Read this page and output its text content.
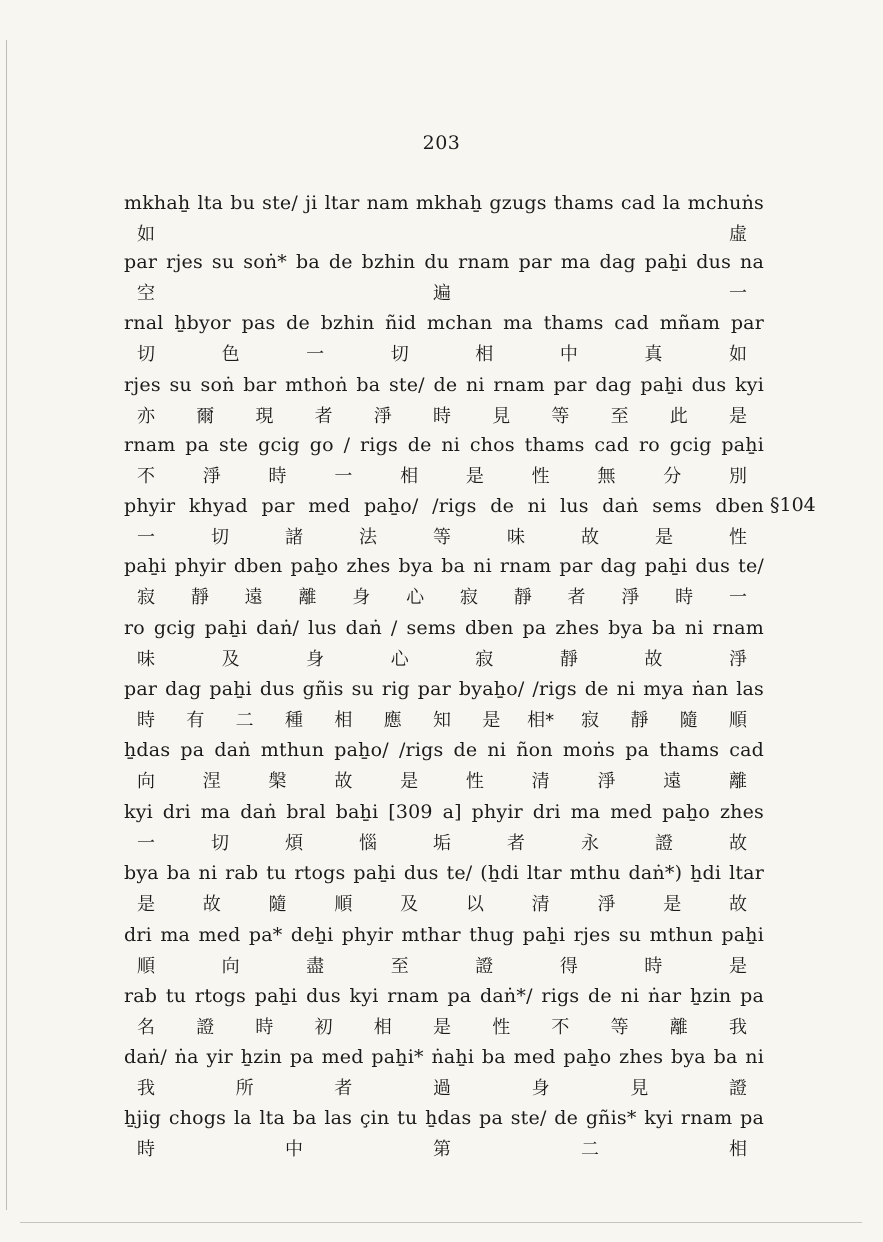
203
mkhaẖ lta bu ste/ ji ltar nam mkhaẖ gzugs thams cad la mchuṅs
如	虛
par rjes su soṅ* ba de bzhin du rnam par ma dag paẖi dus na
空	遍	一
rnal ẖbyor pas de bzhin ñid mchan ma thams cad mñam par
切	色	一	切	相	中	真	如
rjes su soṅ bar mthoṅ ba ste/ de ni rnam par dag paẖi dus kyi
亦 爾 現 者 淨 時 見 等 至 此 是
rnam pa ste gcig go / rigs de ni chos thams cad ro gcig paẖi
不	淨	時	一	相	是	性	無	分	別
phyir khyad par med paẖo/ /rigs de ni lus daṅ sems dben
一	切	諸	法	等	味	故	是	性
paẖi phyir dben paẖo zhes bya ba ni rnam par dag paẖi dus te/
寂 靜 遠 離 身 心 寂 靜 者 淨 時 一
ro gcig paẖi daṅ/ lus daṅ / sems dben pa zhes bya ba ni rnam
味	及	身	心	寂	靜	故	淨
par dag paẖi dus gñis su rig par byaẖo/ /rigs de ni mya ṅan las
時 有 二 種 相 應 知 是 相* 寂 靜 隨 順
ẖdas pa daṅ mthun paẖo/ /rigs de ni ñon moṅs pa thams cad
向	涅	槃	故	是	性	清	淨	遠	離
kyi dri ma daṅ bral baẖi [309 a] phyir dri ma med paẖo zhes
一	切	煩	惱	垢	者	永	證	故
bya ba ni rab tu rtogs paẖi dus te/ (ẖdi ltar mthu daṅ*) ẖdi ltar
是	故	隨	順	及	以	清	淨	是	故
dri ma med pa* deẖi phyir mthar thug paẖi rjes su mthun paẖi
順	向	盡	至	證	得	時	是
rab tu rtogs paẖi dus kyi rnam pa daṅ*/ rigs de ni ṅar ẖzin pa
名 證 時 初 相 是 性 不 等 離 我
daṅ/ ṅa yir ẖzin pa med paẖi* ṅaẖi ba med paẖo zhes bya ba ni
我	所	者	過	身	見	證
ẖjig chogs la lta ba las çin tu ẖdas pa ste/ de gñis* kyi rnam pa
時	中	第	二	相
§104
